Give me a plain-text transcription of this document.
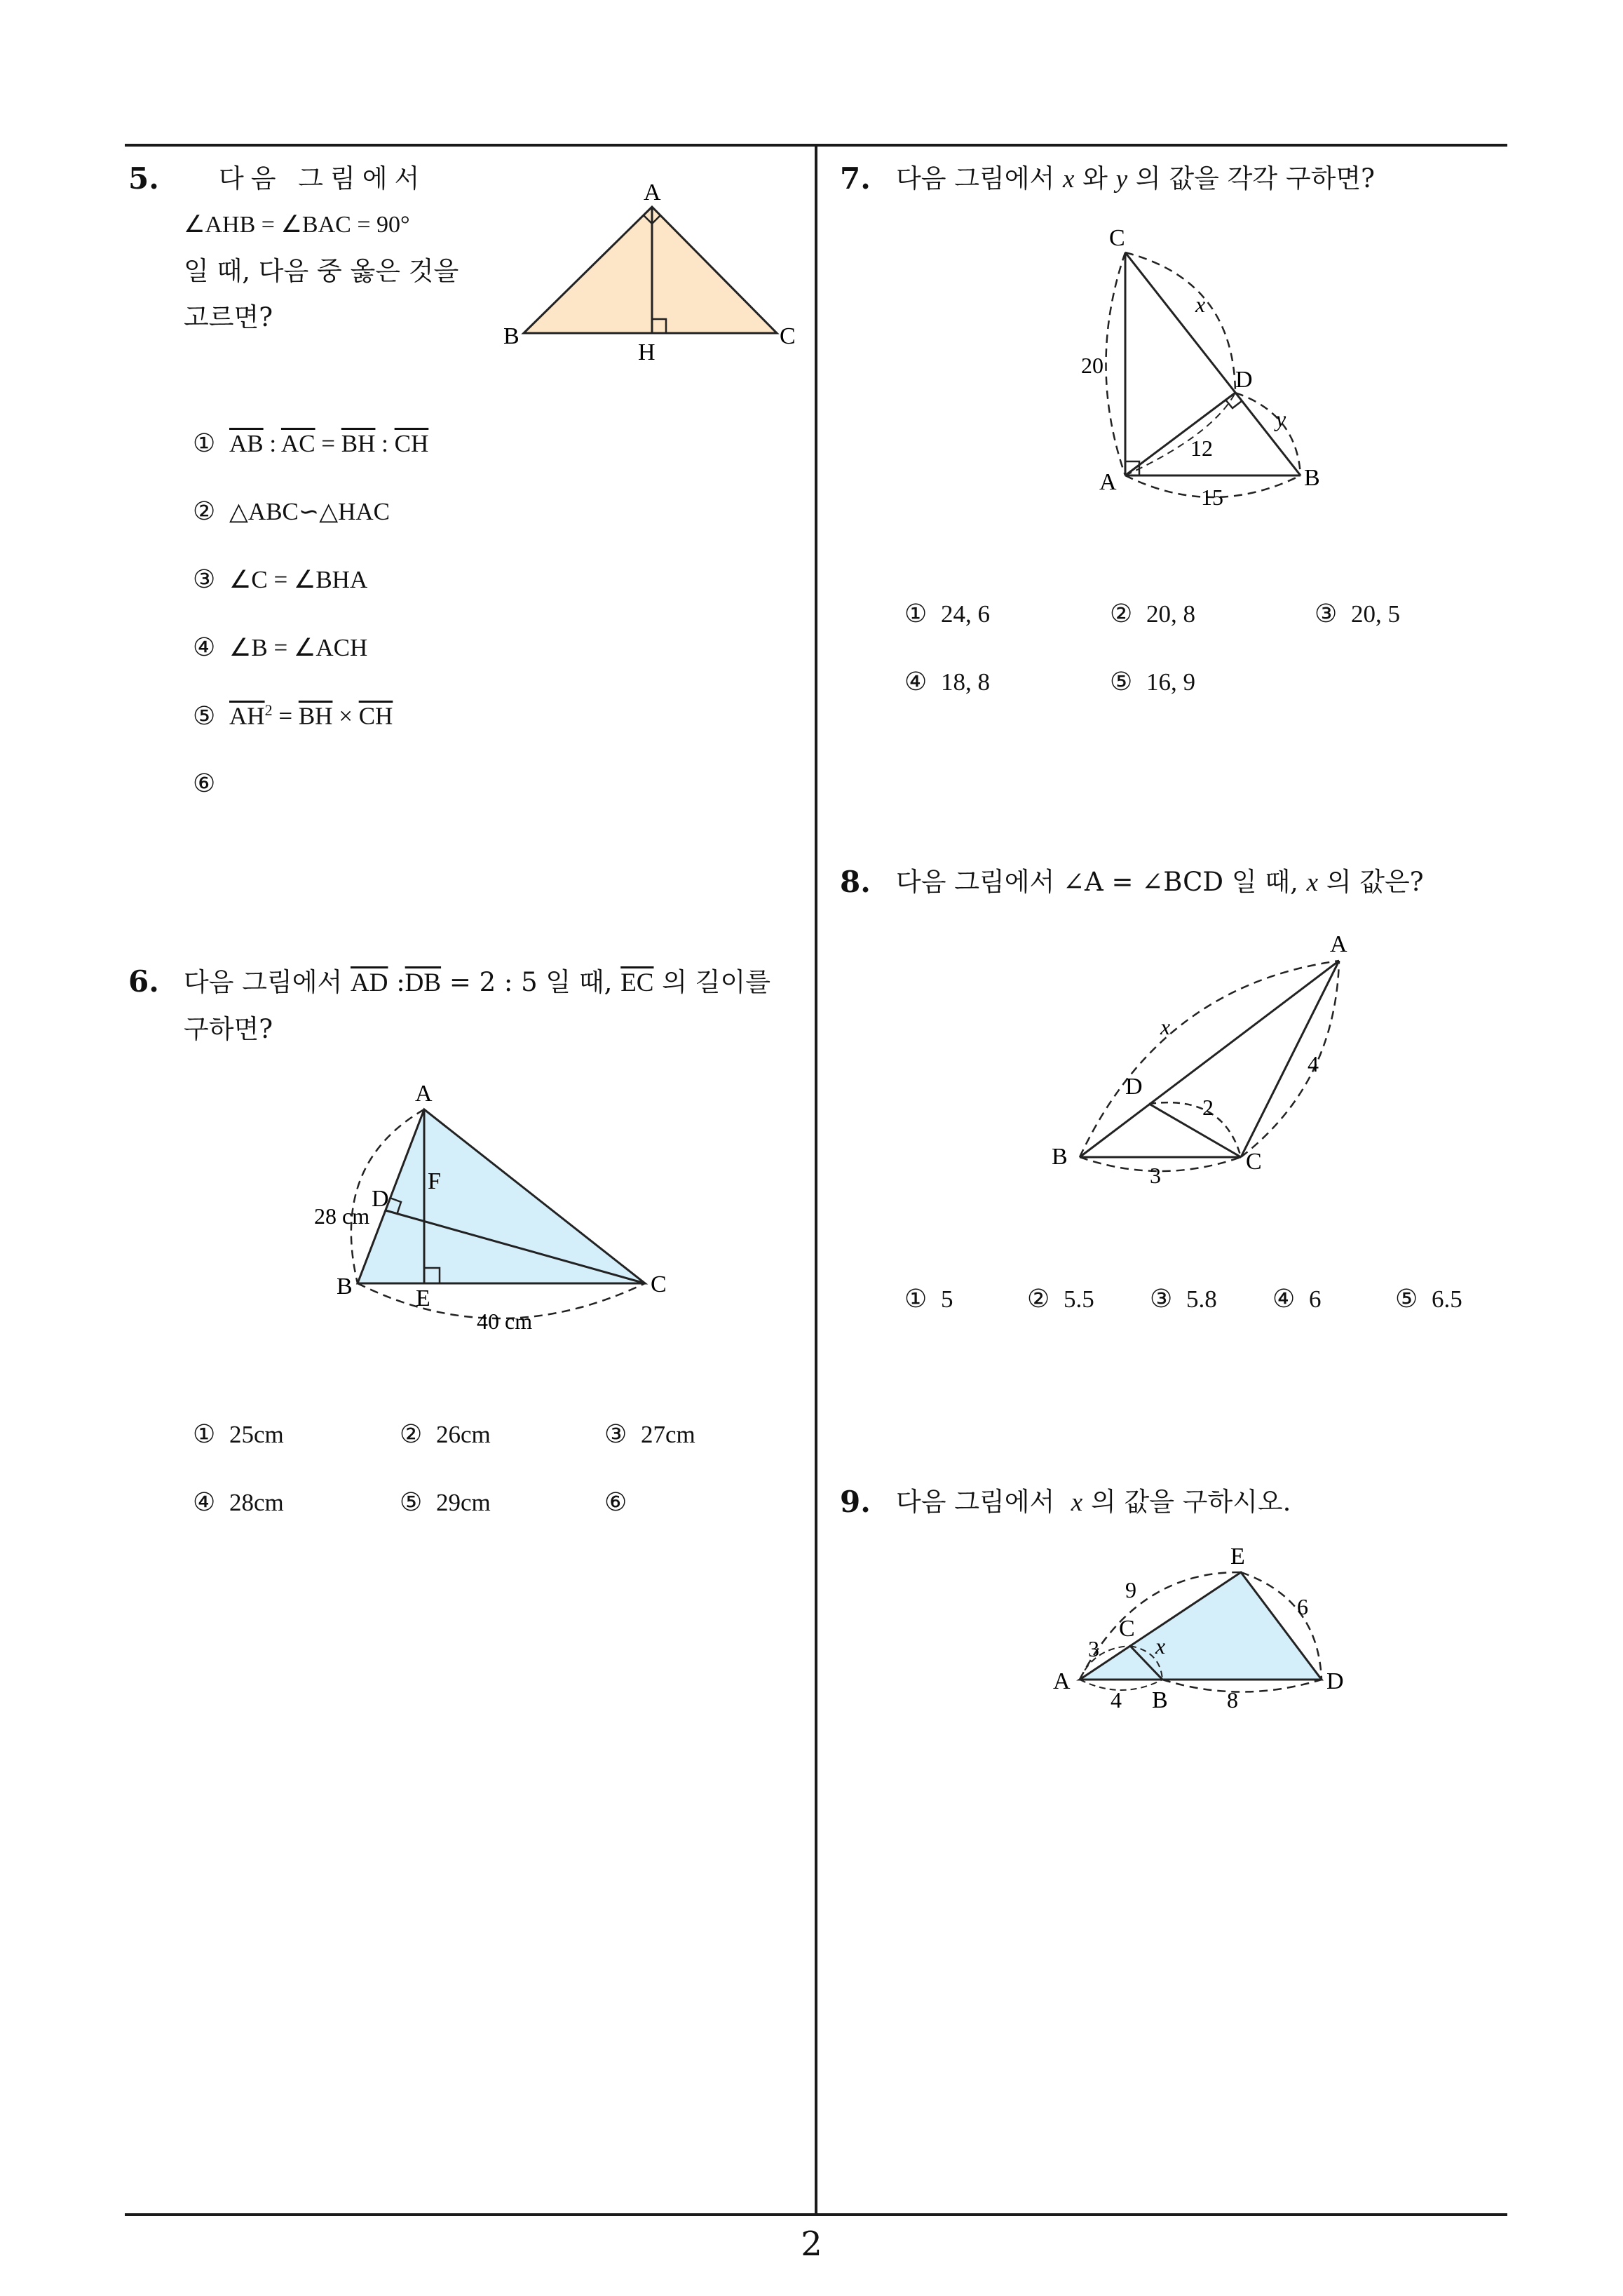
5.	다음 그림에서
∠AHB = ∠BAC = 90°
일 때, 다음 중 옳은 것을
고르면?
A
B	C
H
① $\overline{AB}$ : $\overline{AC} = \overline{BH}$ : $\overline{CH}$
② △ABC∽△HAC
③ ∠C = ∠BHA
④ ∠B = ∠ACH
⑤ $\overline{AH}^2 = \overline{BH} \times \overline{CH}$
⑥
6. 다음 그림에서 $\overline{AD}$ $:\overline{DB} = 2$ : 5 일 때, $\overline{EC}$ 의 길이를
구하면?
A
B	C
D
E
F
28 cm
40 cm
① 25cm	② 26cm	③ 27cm
④ 28cm	⑤ 29cm	⑥
7. 다음 그림에서 x 와 y 의 값을 각각 구하면?
C
A	B
D
x
y
20
12
15
① 24, 6	② 20, 8	③ 20, 5
④ 18, 8	⑤ 16, 9
8. 다음 그림에서 ∠A = ∠BCD 일 때, x 의 값은?
A
B	C
D
x
4
2
3
① 5	② 5.5 ③ 5.8 ④ 6	⑤ 6.5
9. 다음 그림에서  x 의 값을 구하시오.
E
A
B
C
D
x
9
6
3
4	8
2
